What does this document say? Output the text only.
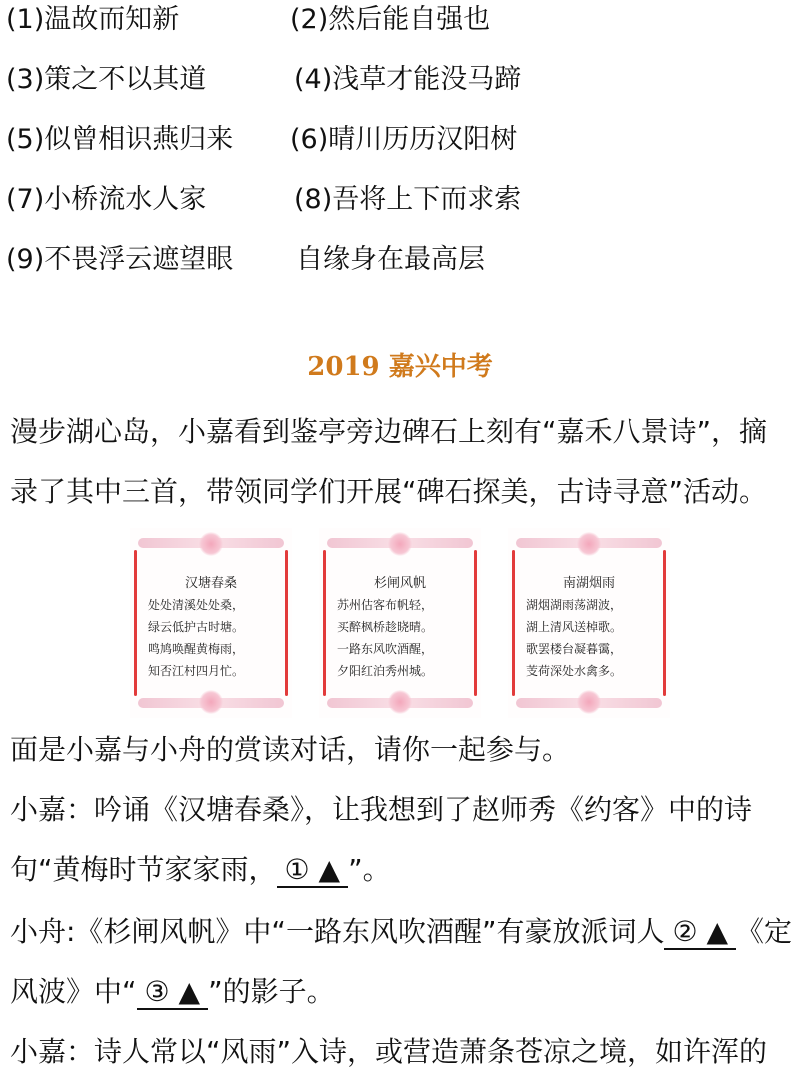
(1)温故而知新	(2)然后能自强也
(3)策之不以其道	(4)浅草才能没马蹄
(5)似曾相识燕归来 (6)晴川历历汉阳树
(7)小桥流水人家	(8)吾将上下而求索
(9)不畏浮云遮望眼 自缘身在最高层
2019 嘉兴中考
漫步湖心岛，小嘉看到鉴亭旁边碑石上刻有“嘉禾八景诗”，摘
录了其中三首，带领同学们开展“碑石探美，古诗寻意”活动。
汉塘春桑
处处清溪处处桑，
绿云低护古时塘。
鸣鸠唤醒黄梅雨，
知否江村四月忙。
杉闸风帆
苏州估客布帆轻，
买醉枫桥趁晓晴。
一路东风吹酒醒，
夕阳红泊秀州城。
南湖烟雨
湖烟湖雨荡湖波，
湖上清风送棹歌。
歌罢楼台凝暮霭，
芰荷深处水禽多。
面是小嘉与小舟的赏读对话，请你一起参与。
小嘉：吟诵《汉塘春桑》，让我想到了赵师秀《约客》中的诗
句“黄梅时节家家雨， ① ▲ ”。
小舟:《杉闸风帆》中“一路东风吹酒醒”有豪放派词人 ② ▲ 《定
风波》中“ ③ ▲ ”的影子。
小嘉：诗人常以“风雨”入诗，或营造萧条苍凉之境，如许浑的
